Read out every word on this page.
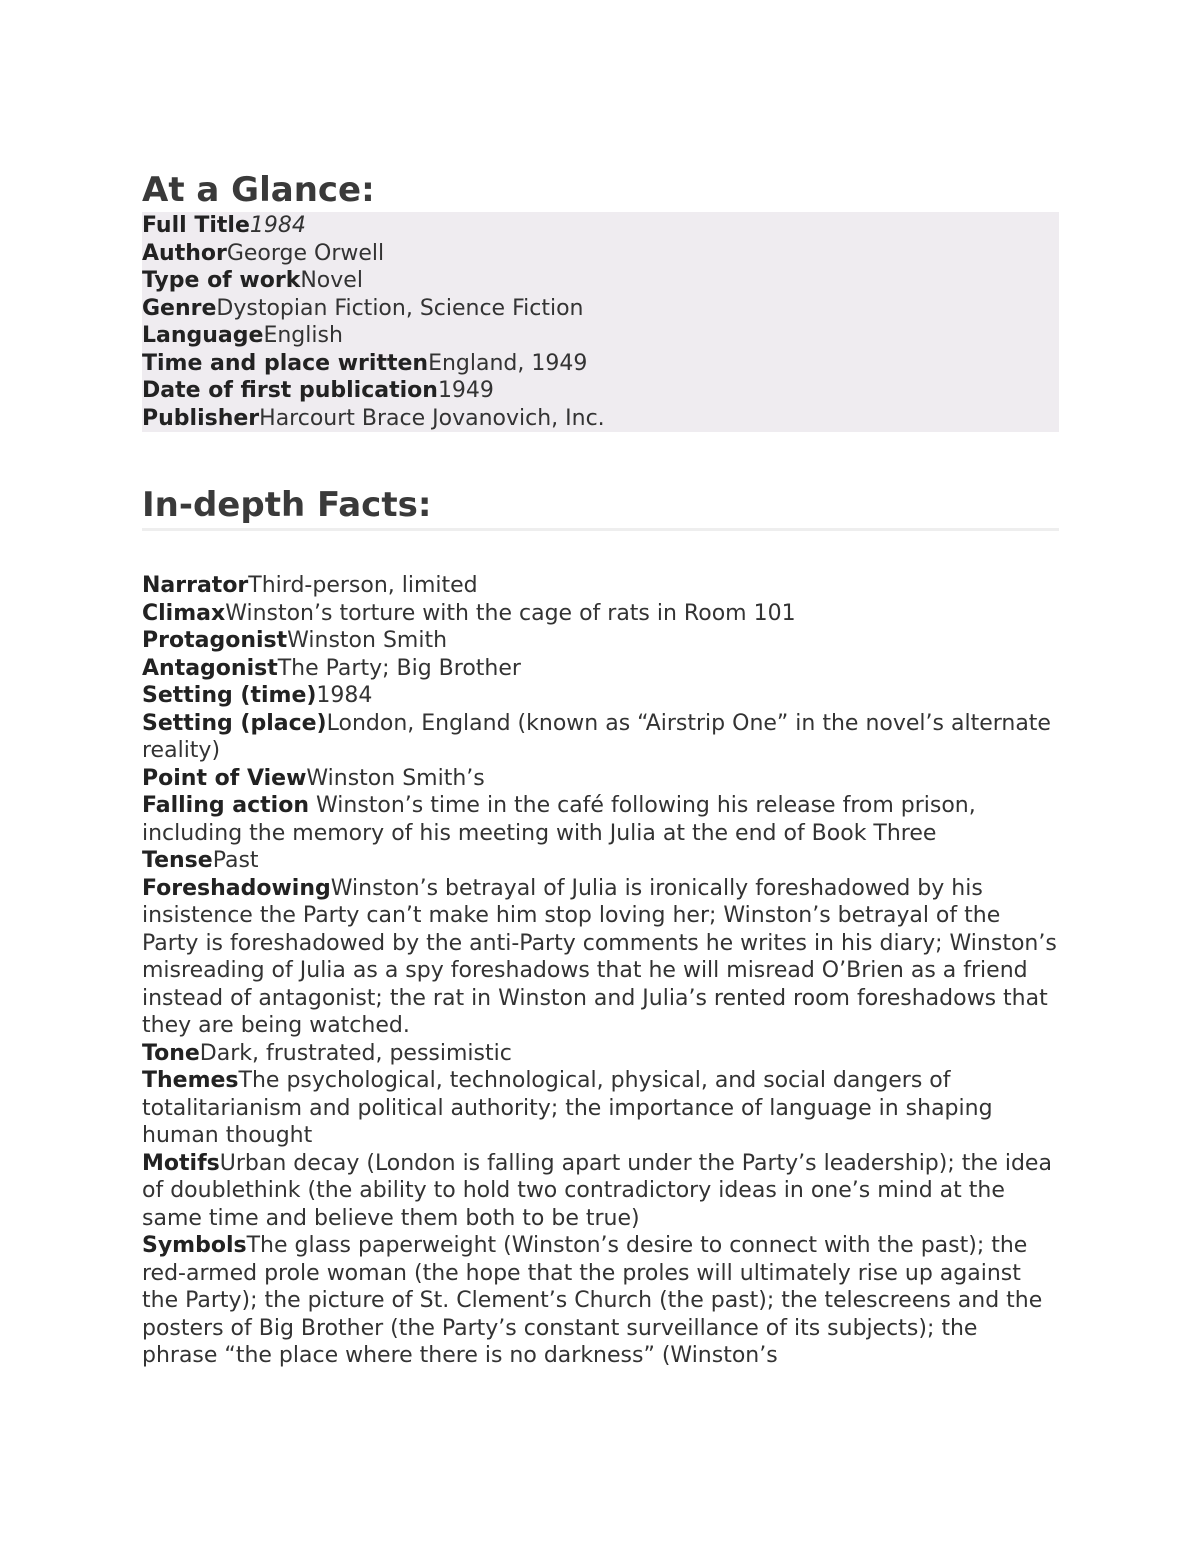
At a Glance:
Full Title1984
AuthorGeorge Orwell
Type of workNovel
GenreDystopian Fiction, Science Fiction
LanguageEnglish
Time and place writtenEngland, 1949
Date of first publication1949
PublisherHarcourt Brace Jovanovich, Inc.
In-depth Facts:
NarratorThird-person, limited
ClimaxWinston’s torture with the cage of rats in Room 101
ProtagonistWinston Smith
AntagonistThe Party; Big Brother
Setting (time)1984
Setting (place)London, England (known as “Airstrip One” in the novel’s alternate reality)
Point of ViewWinston Smith’s
Falling action Winston’s time in the café following his release from prison, including the memory of his meeting with Julia at the end of Book Three
TensePast
ForeshadowingWinston’s betrayal of Julia is ironically foreshadowed by his insistence the Party can’t make him stop loving her; Winston’s betrayal of the Party is foreshadowed by the anti-Party comments he writes in his diary; Winston’s misreading of Julia as a spy foreshadows that he will misread O’Brien as a friend instead of antagonist; the rat in Winston and Julia’s rented room foreshadows that they are being watched.
ToneDark, frustrated, pessimistic
ThemesThe psychological, technological, physical, and social dangers of totalitarianism and political authority; the importance of language in shaping human thought
MotifsUrban decay (London is falling apart under the Party’s leadership); the idea of doublethink (the ability to hold two contradictory ideas in one’s mind at the same time and believe them both to be true)
SymbolsThe glass paperweight (Winston’s desire to connect with the past); the red-armed prole woman (the hope that the proles will ultimately rise up against the Party); the picture of St. Clement’s Church (the past); the telescreens and the posters of Big Brother (the Party’s constant surveillance of its subjects); the phrase “the place where there is no darkness” (Winston’s
